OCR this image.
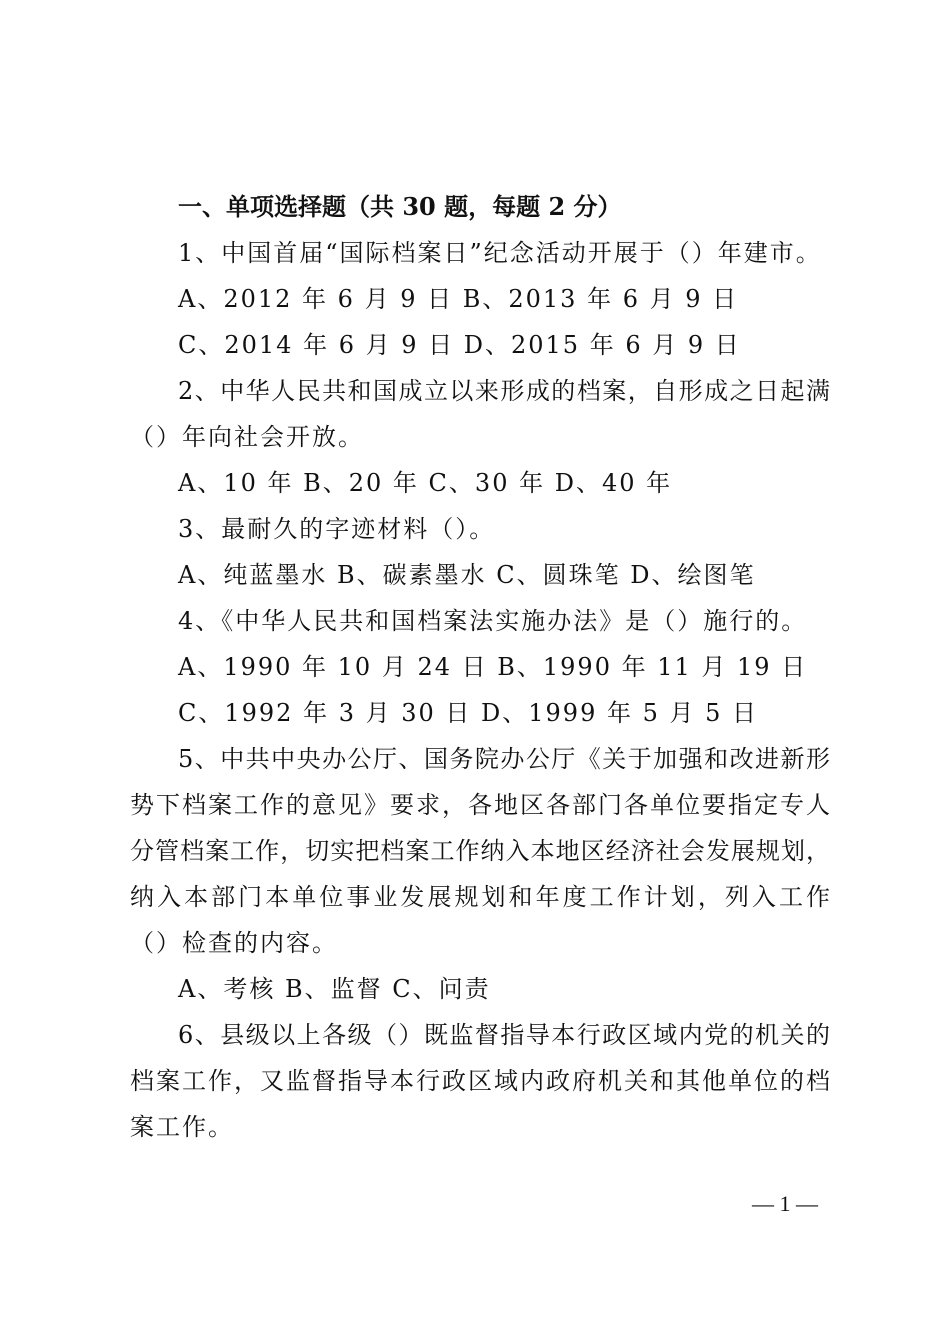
一、单项选择题（共 30 题，每题 2 分）
1、中国首届“国际档案日”纪念活动开展于（）年建市。
A、2012 年 6 月 9 日 B、2013 年 6 月 9 日
C、2014 年 6 月 9 日 D、2015 年 6 月 9 日
2、中华人民共和国成立以来形成的档案，自形成之日起满
（）年向社会开放。
A、10 年 B、20 年 C、30 年 D、40 年
3、最耐久的字迹材料（）。
A、纯蓝墨水 B、碳素墨水 C、圆珠笔 D、绘图笔
4、《中华人民共和国档案法实施办法》是（）施行的。
A、1990 年 10 月 24 日 B、1990 年 11 月 19 日
C、1992 年 3 月 30 日 D、1999 年 5 月 5 日
5、中共中央办公厅、国务院办公厅《关于加强和改进新形
势下档案工作的意见》要求，各地区各部门各单位要指定专人
分管档案工作，切实把档案工作纳入本地区经济社会发展规划，
纳入本部门本单位事业发展规划和年度工作计划，列入工作
（）检查的内容。
A、考核 B、监督 C、问责
6、县级以上各级（）既监督指导本行政区域内党的机关的
档案工作，又监督指导本行政区域内政府机关和其他单位的档
案工作。
— 1 —
